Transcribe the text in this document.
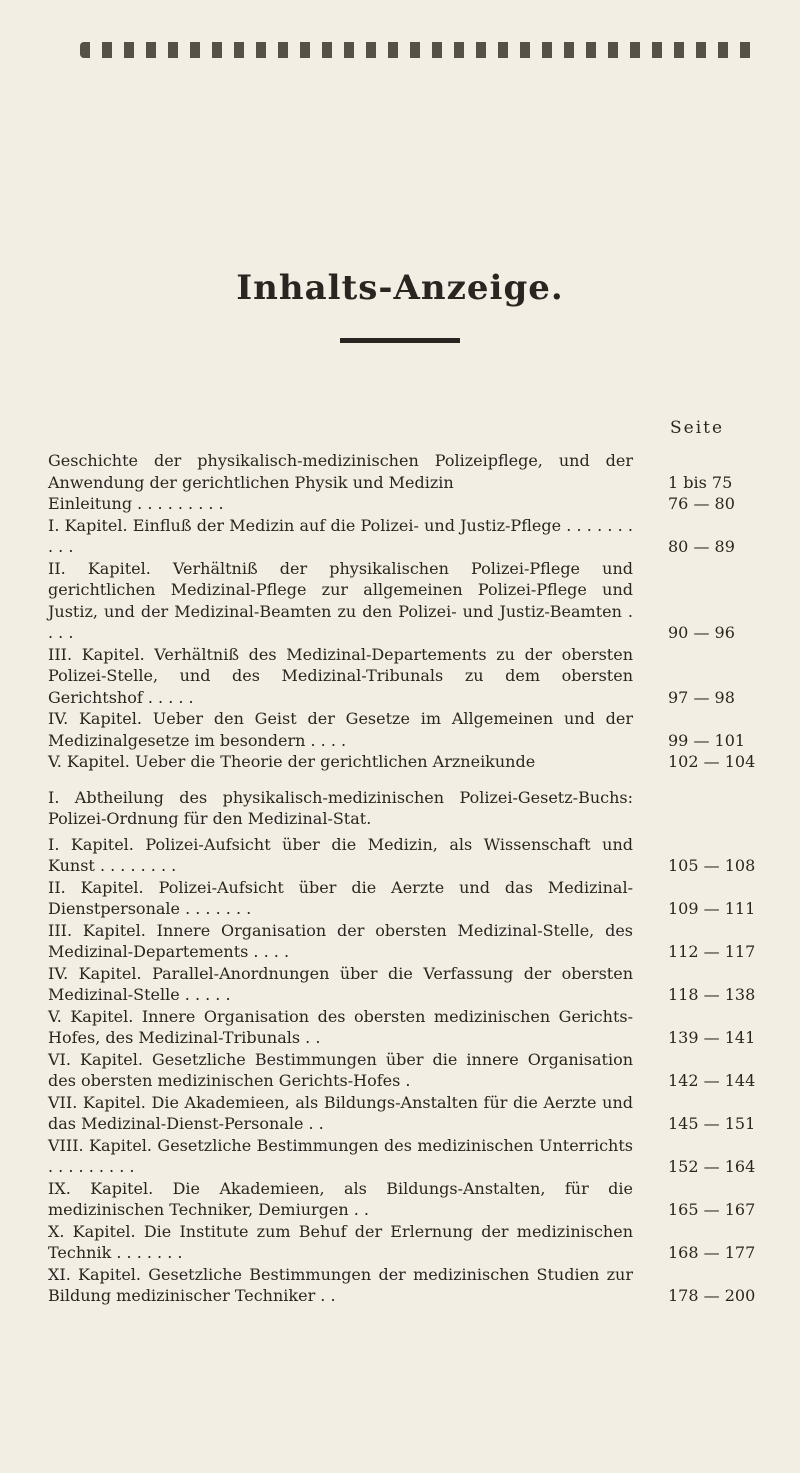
Inhalts-Anzeige.
Seite
Geschichte der physikalisch-medizinischen Polizeipflege, und der Anwendung der gerichtlichen Physik und Medizin	1 bis 75
Einleitung . . . . . . . . .	76 — 80
I. Kapitel. Einfluß der Medizin auf die Polizei- und Justiz-Pflege . . . . . . . . . .	80 — 89
II. Kapitel. Verhältniß der physikalischen Polizei-Pflege und gerichtlichen Medizinal-Pflege zur allgemeinen Polizei-Pflege und Justiz, und der Medizinal-Beamten zu den Polizei- und Justiz-Beamten . . . .	90 — 96
III. Kapitel. Verhältniß des Medizinal-Departements zu der obersten Polizei-Stelle, und des Medizinal-Tribunals zu dem obersten Gerichtshof . . . . .	97 — 98
IV. Kapitel. Ueber den Geist der Gesetze im Allgemeinen und der Medizinalgesetze im besondern . . . .	99 — 101
V. Kapitel. Ueber die Theorie der gerichtlichen Arzneikunde	102 — 104
I. Abtheilung des physikalisch-medizinischen Polizei-Gesetz-Buchs: Polizei-Ordnung für den Medizinal-Stat.
I. Kapitel. Polizei-Aufsicht über die Medizin, als Wissenschaft und Kunst . . . . . . . .	105 — 108
II. Kapitel. Polizei-Aufsicht über die Aerzte und das Medizinal-Dienstpersonale . . . . . . .	109 — 111
III. Kapitel. Innere Organisation der obersten Medizinal-Stelle, des Medizinal-Departements . . . .	112 — 117
IV. Kapitel. Parallel-Anordnungen über die Verfassung der obersten Medizinal-Stelle . . . . .	118 — 138
V. Kapitel. Innere Organisation des obersten medizinischen Gerichts-Hofes, des Medizinal-Tribunals . .	139 — 141
VI. Kapitel. Gesetzliche Bestimmungen über die innere Organisation des obersten medizinischen Gerichts-Hofes .	142 — 144
VII. Kapitel. Die Akademieen, als Bildungs-Anstalten für die Aerzte und das Medizinal-Dienst-Personale . .	145 — 151
VIII. Kapitel. Gesetzliche Bestimmungen des medizinischen Unterrichts . . . . . . . . .	152 — 164
IX. Kapitel. Die Akademieen, als Bildungs-Anstalten, für die medizinischen Techniker, Demiurgen . .	165 — 167
X. Kapitel. Die Institute zum Behuf der Erlernung der medizinischen Technik . . . . . . .	168 — 177
XI. Kapitel. Gesetzliche Bestimmungen der medizinischen Studien zur Bildung medizinischer Techniker . .	178 — 200
